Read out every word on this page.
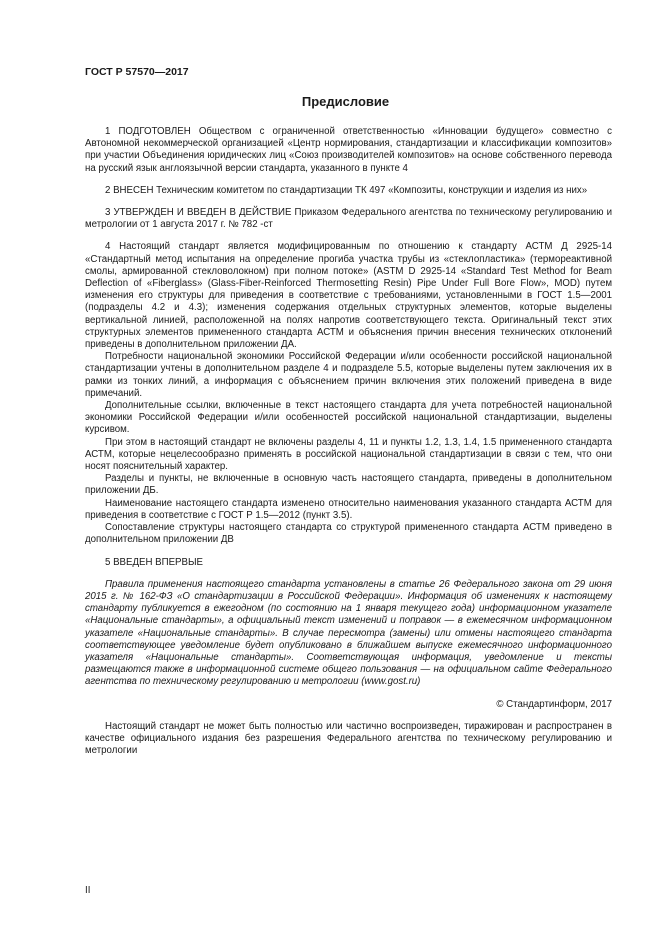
ГОСТ Р 57570—2017
Предисловие

1 ПОДГОТОВЛЕН Обществом с ограниченной ответственностью «Инновации будущего» совместно с Автономной некоммерческой организацией «Центр нормирования, стандартизации и классификации композитов» при участии Объединения юридических лиц «Союз производителей композитов» на основе собственного перевода на русский язык англоязычной версии стандарта, указанного в пункте 4

2 ВНЕСЕН Техническим комитетом по стандартизации ТК 497 «Композиты, конструкции и изделия из них»

3 УТВЕРЖДЕН И ВВЕДЕН В ДЕЙСТВИЕ Приказом Федерального агентства по техническому регулированию и метрологии от 1 августа 2017 г. № 782 -ст

4 Настоящий стандарт является модифицированным по отношению к стандарту АСТМ Д 2925-14 «Стандартный метод испытания на определение прогиба участка трубы из «стеклопластика» (термореактивной смолы, армированной стекловолокном) при полном потоке» (ASTM D 2925-14 «Standard Test Method for Beam Deflection of «Fiberglass» (Glass-Fiber-Reinforced Thermosetting Resin) Pipe Under Full Bore Flow», MOD) путем изменения его структуры для приведения в соответствие с требованиями, установленными в ГОСТ 1.5—2001 (подразделы 4.2 и 4.3); изменения содержания отдельных структурных элементов, которые выделены вертикальной линией, расположенной на полях напротив соответствующего текста. Оригинальный текст этих структурных элементов примененного стандарта АСТМ и объяснения причин внесения технических отклонений приведены в дополнительном приложении ДА.

Потребности национальной экономики Российской Федерации и/или особенности российской национальной стандартизации учтены в дополнительном разделе 4 и подразделе 5.5, которые выделены путем заключения их в рамки из тонких линий, а информация с объяснением причин включения этих положений приведена в виде примечаний.

Дополнительные ссылки, включенные в текст настоящего стандарта для учета потребностей национальной экономики Российской Федерации и/или особенностей российской национальной стандартизации, выделены курсивом.

При этом в настоящий стандарт не включены разделы 4, 11 и пункты 1.2, 1.3, 1.4, 1.5 примененного стандарта АСТМ, которые нецелесообразно применять в российской национальной стандартизации в связи с тем, что они носят пояснительный характер.

Разделы и пункты, не включенные в основную часть настоящего стандарта, приведены в дополнительном приложении ДБ.

Наименование настоящего стандарта изменено относительно наименования указанного стандарта АСТМ для приведения в соответствие с ГОСТ Р 1.5—2012 (пункт 3.5).

Сопоставление структуры настоящего стандарта со структурой примененного стандарта АСТМ приведено в дополнительном приложении ДВ

5 ВВЕДЕН ВПЕРВЫЕ

Правила применения настоящего стандарта установлены в статье 26 Федерального закона от 29 июня 2015 г. № 162-ФЗ «О стандартизации в Российской Федерации». Информация об изменениях к настоящему стандарту публикуется в ежегодном (по состоянию на 1 января текущего года) информационном указателе «Национальные стандарты», а официальный текст изменений и поправок — в ежемесячном информационном указателе «Национальные стандарты». В случае пересмотра (замены) или отмены настоящего стандарта соответствующее уведомление будет опубликовано в ближайшем выпуске ежемесячного информационного указателя «Национальные стандарты». Соответствующая информация, уведомление и тексты размещаются также в информационной системе общего пользования — на официальном сайте Федерального агентства по техническому регулированию и метрологии (www.gost.ru)

© Стандартинформ, 2017

Настоящий стандарт не может быть полностью или частично воспроизведен, тиражирован и распространен в качестве официального издания без разрешения Федерального агентства по техническому регулированию и метрологии

II
